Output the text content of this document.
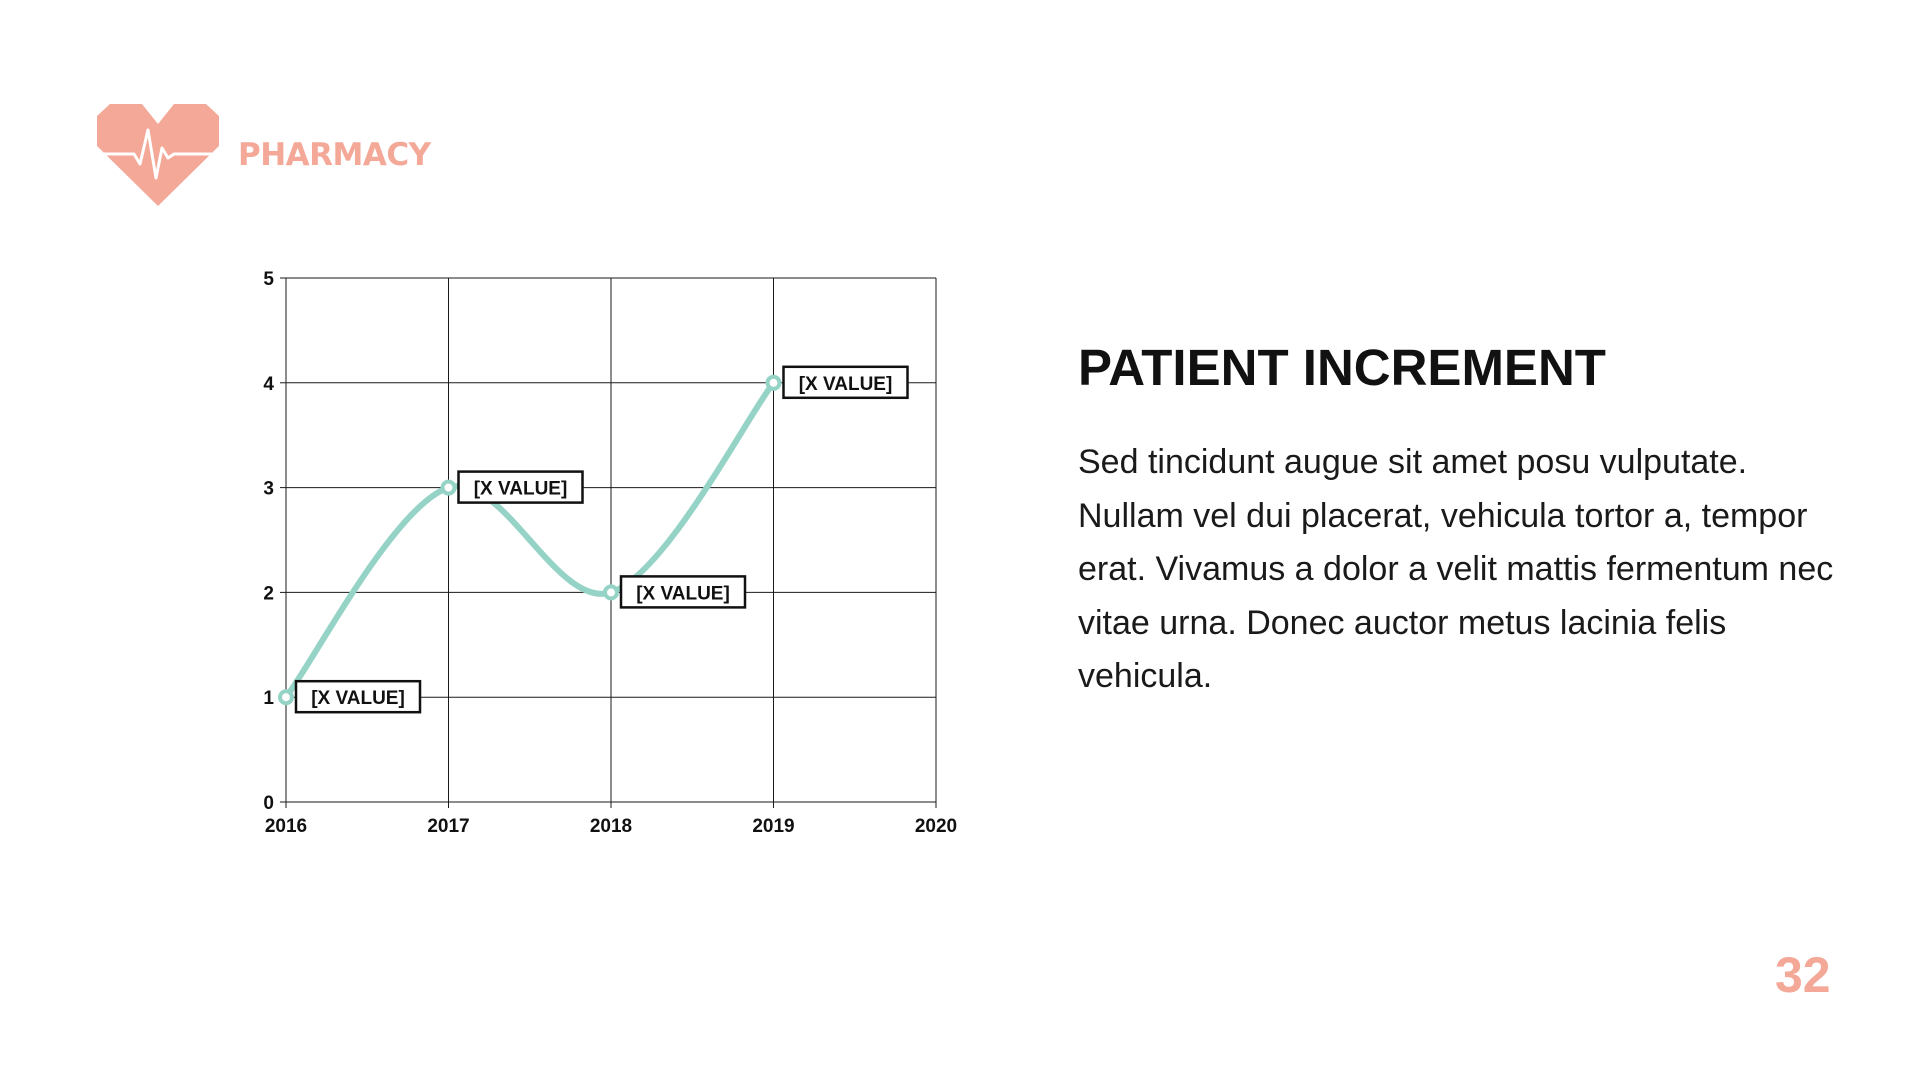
PHARMACY
2016	2017	2018	2019	2020
0
1
2
3
4
5
[X VALUE]
[X VALUE]
[X VALUE]
[X VALUE]	PATIENT INCREMENT

Sed tincidunt augue sit amet posu vulputate. Nullam vel dui placerat, vehicula tortor a, tempor erat. Vivamus a dolor a velit mattis fermentum nec vitae urna. Donec auctor metus lacinia felis vehicula.

32
